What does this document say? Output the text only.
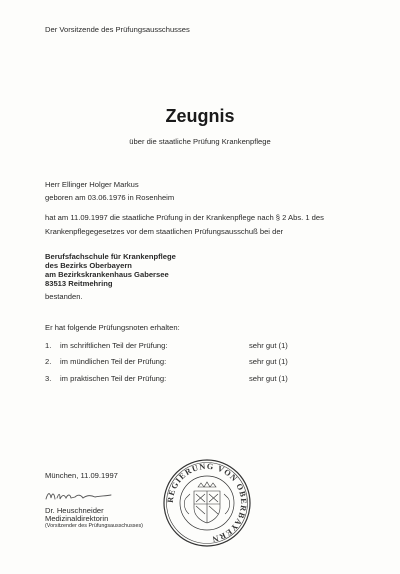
Der Vorsitzende des Prüfungsausschusses
Zeugnis
über die staatliche Prüfung Krankenpflege
Herr Ellinger Holger Markus
geboren am 03.06.1976 in Rosenheim
hat am 11.09.1997 die staatliche Prüfung in der Krankenpflege nach § 2 Abs. 1 des
Krankenpflegegesetzes vor dem staatlichen Prüfungsausschuß bei der
Berufsfachschule für Krankenpflege
des Bezirks Oberbayern
am Bezirkskrankenhaus Gabersee
83513 Reitmehring
bestanden.
Er hat folgende Prüfungsnoten erhalten:
1. im schriftlichen Teil der Prüfung:	sehr gut (1)
2. im mündlichen Teil der Prüfung:	sehr gut (1)
3. im praktischen Teil der Prüfung:	sehr gut (1)
München, 11.09.1997
Dr. Heuschneider
Medizinaldirektorin
(Vorsitzender des Prüfungsausschusses)
REGIERUNG VON OBERBAYERN
